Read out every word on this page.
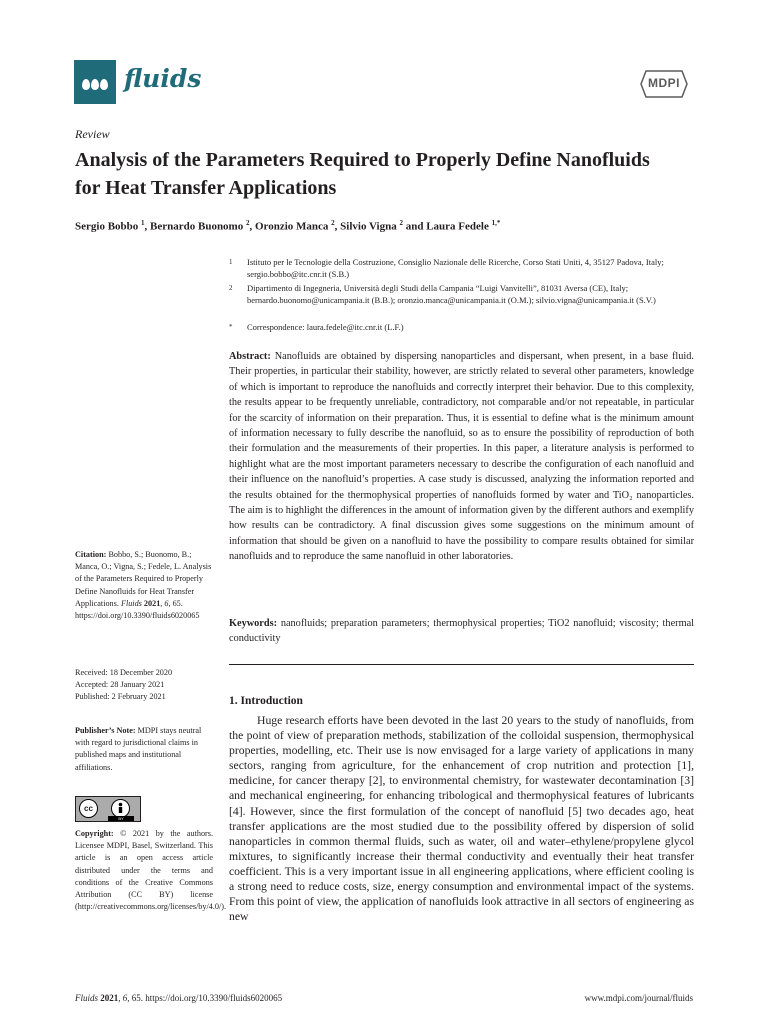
fluids	MDPI
Review
Analysis of the Parameters Required to Properly Define Nanofluids for Heat Transfer Applications
Sergio Bobbo $^1$, Bernardo Buonomo $^2$, Oronzio Manca $^2$, Silvio Vigna $^2$ and Laura Fedele $^{1,*}$
1 Istituto per le Tecnologie della Costruzione, Consiglio Nazionale delle Ricerche, Corso Stati Uniti, 4, 35127 Padova, Italy; sergio.bobbo@itc.cnr.it (S.B.)
2 Dipartimento di Ingegneria, Università degli Studi della Campania “Luigi Vanvitelli”, 81031 Aversa (CE), Italy; bernardo.buonomo@unicampania.it (B.B.); oronzio.manca@unicampania.it (O.M.); silvio.vigna@unicampania.it (S.V.)
* Correspondence: laura.fedele@itc.cnr.it (L.F.)
Abstract: Nanofluids are obtained by dispersing nanoparticles and dispersant, when present, in a base fluid. Their properties, in particular their stability, however, are strictly related to several other parameters, knowledge of which is important to reproduce the nanofluids and correctly interpret their behavior. Due to this complexity, the results appear to be frequently unreliable, contradictory, not comparable and/or not repeatable, in particular for the scarcity of information on their preparation. Thus, it is essential to define what is the minimum amount of information necessary to fully describe the nanofluid, so as to ensure the possibility of reproduction of both their formulation and the measurements of their properties. In this paper, a literature analysis is performed to highlight what are the most important parameters necessary to describe the configuration of each nanofluid and their influence on the nanofluid’s properties. A case study is discussed, analyzing the information reported and the results obtained for the thermophysical properties of nanofluids formed by water and TiO₂ nanoparticles. The aim is to highlight the differences in the amount of information given by the different authors and exemplify how results can be contradictory. A final discussion gives some suggestions on the minimum amount of information that should be given on a nanofluid to have the possibility to compare results obtained for similar nanofluids and to reproduce the same nanofluid in other laboratories.
Keywords: nanofluids; preparation parameters; thermophysical properties; TiO2 nanofluid; viscosity; thermal conductivity
1. Introduction

Huge research efforts have been devoted in the last 20 years to the study of nanofluids, from the point of view of preparation methods, stabilization of the colloidal suspension, thermophysical properties, modelling, etc. Their use is now envisaged for a large variety of applications in many sectors, ranging from agriculture, for the enhancement of crop nutrition and protection [1], medicine, for cancer therapy [2], to environmental chemistry, for wastewater decontamination [3] and mechanical engineering, for enhancing tribological and thermophysical features of lubricants [4]. However, since the first formulation of the concept of nanofluid [5] two decades ago, heat transfer applications are the most studied due to the possibility offered by dispersion of solid nanoparticles in common thermal fluids, such as water, oil and water–ethylene/propylene glycol mixtures, to significantly increase their thermal conductivity and eventually their heat transfer coefficient. This is a very important issue in all engineering applications, where efficient cooling is a strong need to reduce costs, size, energy consumption and environmental impact of the systems. From this point of view, the application of nanofluids look attractive in all sectors of engineering as new

Citation: Bobbo, S.; Buonomo, B.; Manca, O.; Vigna, S.; Fedele, L. Analysis of the Parameters Required to Properly Define Nanofluids for Heat Transfer Applications. Fluids 2021, 6, 65. https://doi.org/10.3390/fluids6020065
Received: 18 December 2020
Accepted: 28 January 2021
Published: 2 February 2021
Publisher’s Note: MDPI stays neutral with regard to jurisdictional claims in published maps and institutional affiliations.
cc
BY
Copyright: © 2021 by the authors. Licensee MDPI, Basel, Switzerland. This article is an open access article distributed under the terms and conditions of the Creative Commons Attribution (CC BY) license (http://creativecommons.org/licenses/by/4.0/).
Fluids 2021, 6, 65. https://doi.org/10.3390/fluids6020065	www.mdpi.com/journal/fluids
